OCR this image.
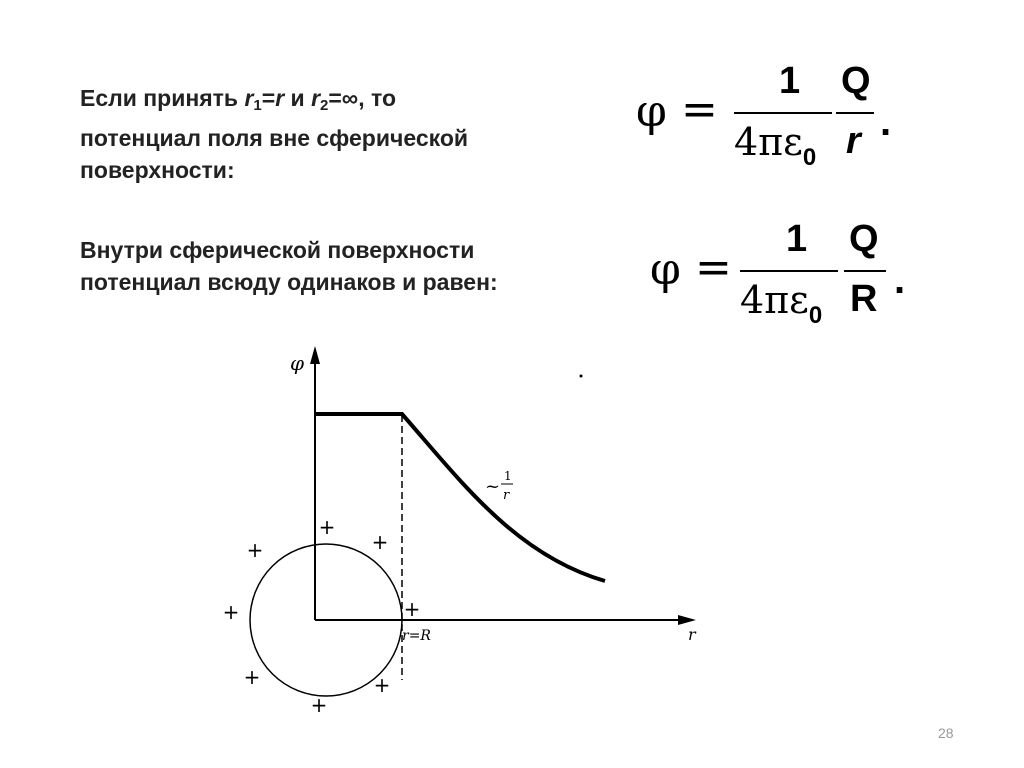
Если принять $r_1=r$ и $r_2=\infty$, то
потенциал поля вне сферической
поверхности:
Внутри сферической поверхности
потенциал всюду одинаков и равен:
φ =
1
$4\pi\varepsilon_0$
Q
r .
φ =
1
$4\pi\varepsilon_0$
Q
R .
φ
r
r=R
~ 1
r
+
+
+
+	+
+	+
+
28
